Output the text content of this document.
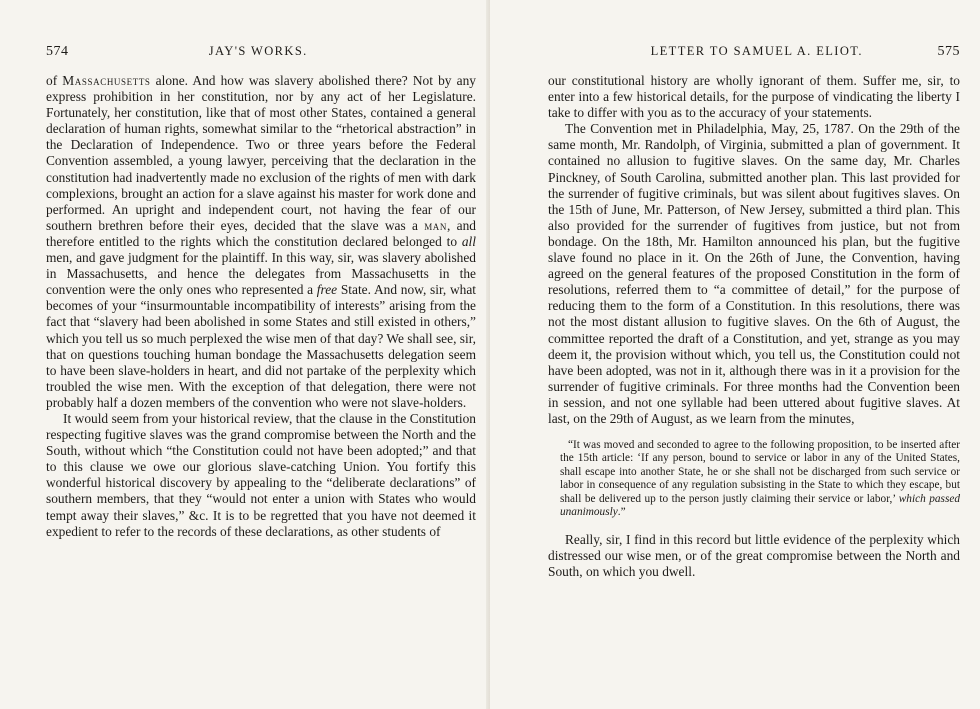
574	JAY'S WORKS.

of Massachusetts alone. And how was slavery abolished there? Not by any express prohibition in her constitution, nor by any act of her Legislature. Fortunately, her constitution, like that of most other States, contained a general declaration of human rights, somewhat similar to the “rhetorical abstraction” in the Declaration of Independence. Two or three years before the Federal Convention assembled, a young lawyer, perceiving that the declaration in the constitution had inadvertently made no exclusion of the rights of men with dark complexions, brought an action for a slave against his master for work done and performed. An upright and independent court, not having the fear of our southern brethren before their eyes, decided that the slave was a man, and therefore entitled to the rights which the constitution declared belonged to all men, and gave judgment for the plaintiff. In this way, sir, was slavery abolished in Massachusetts, and hence the delegates from Massachusetts in the convention were the only ones who represented a free State. And now, sir, what becomes of your “insurmountable incompatibility of interests” arising from the fact that “slavery had been abolished in some States and still existed in others,” which you tell us so much perplexed the wise men of that day? We shall see, sir, that on questions touching human bondage the Massachusetts delegation seem to have been slave-holders in heart, and did not partake of the perplexity which troubled the wise men. With the exception of that delegation, there were not probably half a dozen members of the convention who were not slave-holders.

It would seem from your historical review, that the clause in the Constitution respecting fugitive slaves was the grand compromise between the North and the South, without which “the Constitution could not have been adopted;” and that to this clause we owe our glorious slave-catching Union. You fortify this wonderful historical discovery by appealing to the “deliberate declarations” of southern members, that they “would not enter a union with States who would tempt away their slaves,” &c. It is to be regretted that you have not deemed it expedient to refer to the records of these declarations, as other students of

LETTER TO SAMUEL A. ELIOT.	575

our constitutional history are wholly ignorant of them. Suffer me, sir, to enter into a few historical details, for the purpose of vindicating the liberty I take to differ with you as to the accuracy of your statements.

The Convention met in Philadelphia, May, 25, 1787. On the 29th of the same month, Mr. Randolph, of Virginia, submitted a plan of government. It contained no allusion to fugitive slaves. On the same day, Mr. Charles Pinckney, of South Carolina, submitted another plan. This last provided for the surrender of fugitive criminals, but was silent about fugitives slaves. On the 15th of June, Mr. Patterson, of New Jersey, submitted a third plan. This also provided for the surrender of fugitives from justice, but not from bondage. On the 18th, Mr. Hamilton announced his plan, but the fugitive slave found no place in it. On the 26th of June, the Convention, having agreed on the general features of the proposed Constitution in the form of resolutions, referred them to “a committee of detail,” for the purpose of reducing them to the form of a Constitution. In this resolutions, there was not the most distant allusion to fugitive slaves. On the 6th of August, the committee reported the draft of a Constitution, and yet, strange as you may deem it, the provision without which, you tell us, the Constitution could not have been adopted, was not in it, although there was in it a provision for the surrender of fugitive criminals. For three months had the Convention been in session, and not one syllable had been uttered about fugitive slaves. At last, on the 29th of August, as we learn from the minutes,

“It was moved and seconded to agree to the following proposition, to be inserted after the 15th article: ‘If any person, bound to service or labor in any of the United States, shall escape into another State, he or she shall not be discharged from such service or labor in consequence of any regulation subsisting in the State to which they escape, but shall be delivered up to the person justly claiming their service or labor,’ which passed unanimously.”

Really, sir, I find in this record but little evidence of the perplexity which distressed our wise men, or of the great compromise between the North and South, on which you dwell.
